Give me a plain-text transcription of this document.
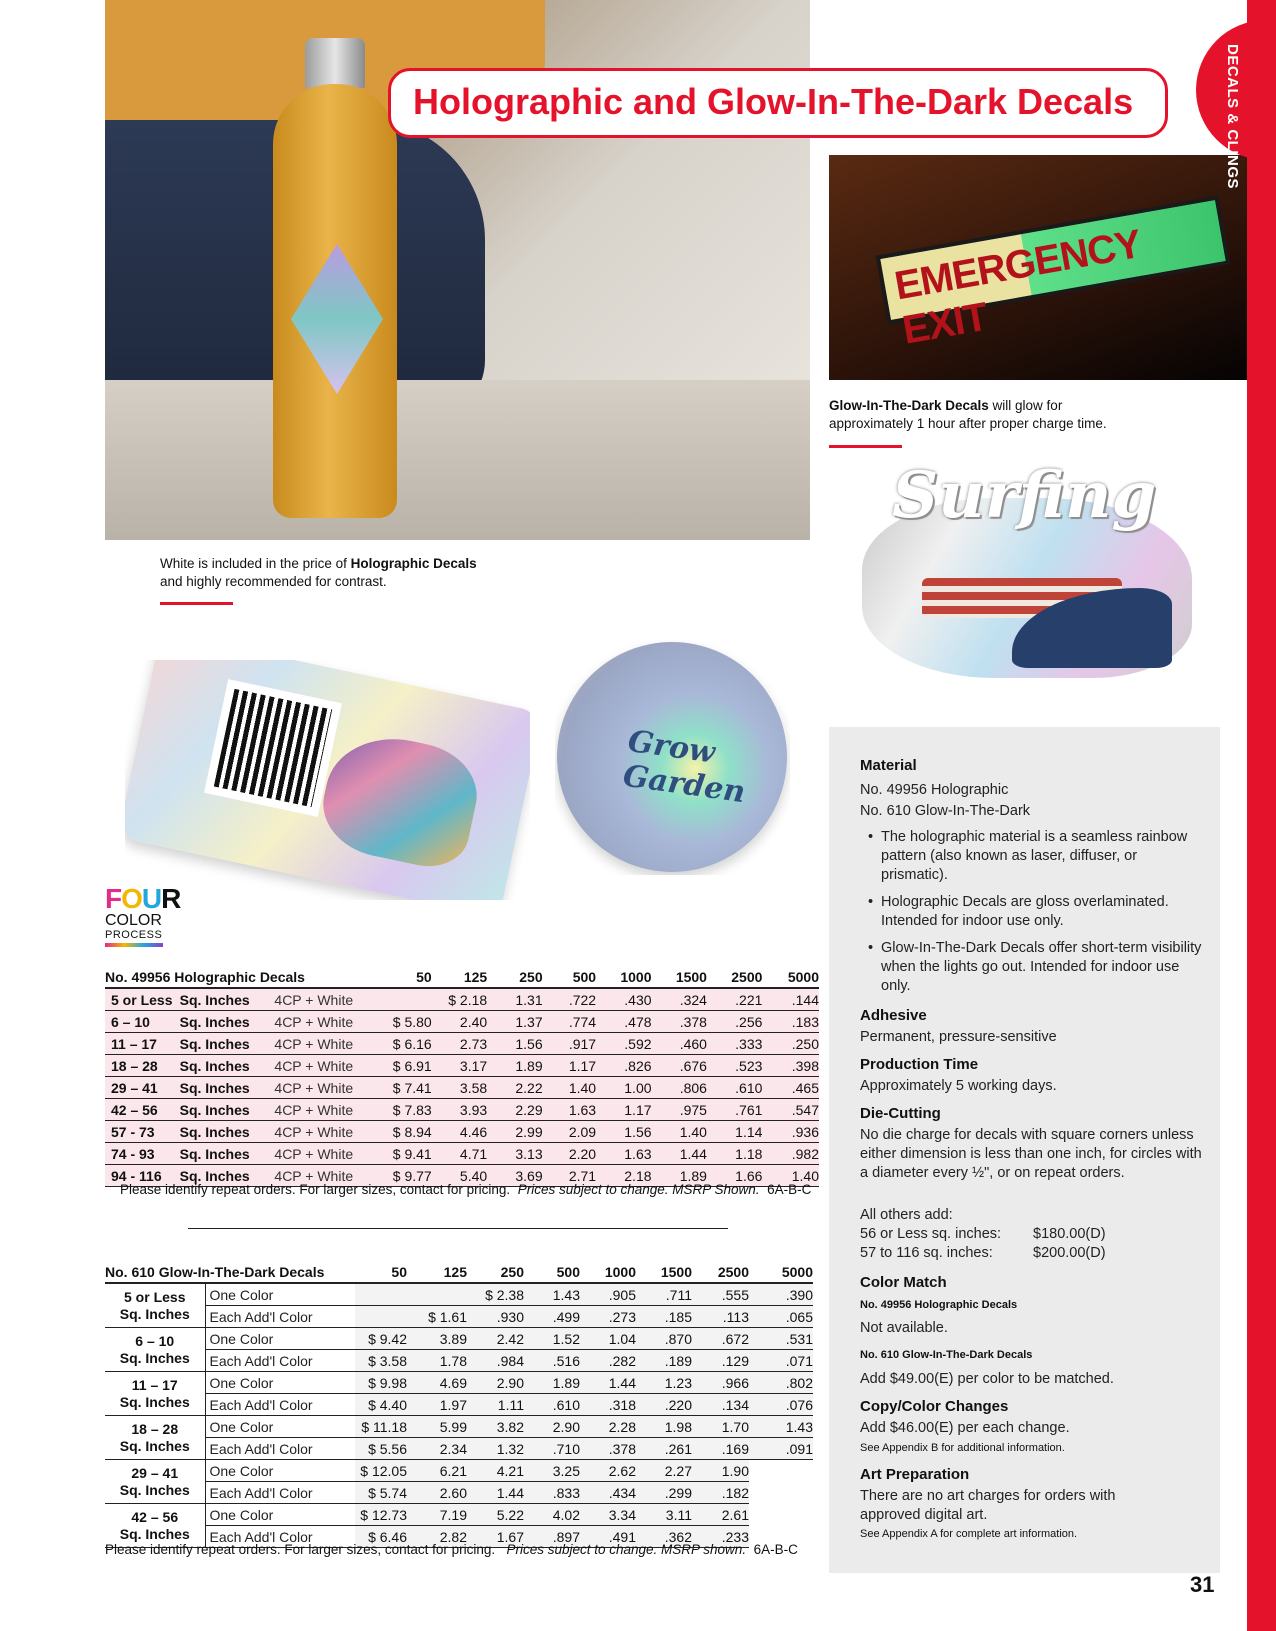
EMERGENCY EXIT
Surfing
Grow Garden
Holographic and Glow-In-The-Dark Decals	DECALS & CLINGS
Glow-In-The-Dark Decals will glow for
approximately 1 hour after proper charge time.
White is included in the price of Holographic Decals
and highly recommended for contrast.
FOUR
COLOR
PROCESS
No. 49956 Holographic Decals			50	125	250	500	1000	1500	2500	5000
5 or Less	Sq. Inches	4CP + White		$ 2.18	1.31	.722	.430	.324	.221	.144
6 – 10	Sq. Inches	4CP + White	$ 5.80	2.40	1.37	.774	.478	.378	.256	.183
11 – 17	Sq. Inches	4CP + White	$ 6.16	2.73	1.56	.917	.592	.460	.333	.250
18 – 28	Sq. Inches	4CP + White	$ 6.91	3.17	1.89	1.17	.826	.676	.523	.398
29 – 41	Sq. Inches	4CP + White	$ 7.41	3.58	2.22	1.40	1.00	.806	.610	.465
42 – 56	Sq. Inches	4CP + White	$ 7.83	3.93	2.29	1.63	1.17	.975	.761	.547
57 - 73	Sq. Inches	4CP + White	$ 8.94	4.46	2.99	2.09	1.56	1.40	1.14	.936
74 - 93	Sq. Inches	4CP + White	$ 9.41	4.71	3.13	2.20	1.63	1.44	1.18	.982
94 - 116	Sq. Inches	4CP + White	$ 9.77	5.40	3.69	2.71	2.18	1.89	1.66	1.40
Please identify repeat orders. For larger sizes, contact for pricing. Prices subject to change. MSRP Shown. 6A-B-C
No. 610 Glow-In-The-Dark Decals		50	125	250	500	1000	1500	2500	5000
5 or Less
Sq. Inches	One Color			$ 2.38	1.43	.905	.711	.555	.390
	Each Add'l Color		$ 1.61	.930	.499	.273	.185	.113	.065
6 – 10
Sq. Inches	One Color	$ 9.42	3.89	2.42	1.52	1.04	.870	.672	.531
	Each Add'l Color	$ 3.58	1.78	.984	.516	.282	.189	.129	.071
11 – 17
Sq. Inches	One Color	$ 9.98	4.69	2.90	1.89	1.44	1.23	.966	.802
	Each Add'l Color	$ 4.40	1.97	1.11	.610	.318	.220	.134	.076
18 – 28
Sq. Inches	One Color	$ 11.18	5.99	3.82	2.90	2.28	1.98	1.70	1.43
	Each Add'l Color	$ 5.56	2.34	1.32	.710	.378	.261	.169	.091
29 – 41
Sq. Inches	One Color	$ 12.05	6.21	4.21	3.25	2.62	2.27	1.90	
	Each Add'l Color	$ 5.74	2.60	1.44	.833	.434	.299	.182	
42 – 56
Sq. Inches	One Color	$ 12.73	7.19	5.22	4.02	3.34	3.11	2.61	
	Each Add'l Color	$ 6.46	2.82	1.67	.897	.491	.362	.233	
Please identify repeat orders. For larger sizes, contact for pricing. Prices subject to change. MSRP shown. 6A-B-C
Material
No. 49956 Holographic
No. 610 Glow-In-The-Dark
• The holographic material is a seamless rainbow pattern (also known as laser, diffuser, or prismatic).
• Holographic Decals are gloss overlaminated. Intended for indoor use only.
• Glow-In-The-Dark Decals offer short-term visibility when the lights go out. Intended for indoor use only.
Adhesive
Permanent, pressure-sensitive
Production Time
Approximately 5 working days.
Die-Cutting
No die charge for decals with square corners unless either dimension is less than one inch, for circles with a diameter every ½", or on repeat orders.
All others add:
56 or Less sq. inches: $180.00(D)
57 to 116 sq. inches:	$200.00(D)
Color Match
No. 49956 Holographic Decals
Not available.
No. 610 Glow-In-The-Dark Decals
Add $49.00(E) per color to be matched.
Copy/Color Changes
Add $46.00(E) per each change.
See Appendix B for additional information.
Art Preparation
There are no art charges for orders with approved digital art.
See Appendix A for complete art information.
31
